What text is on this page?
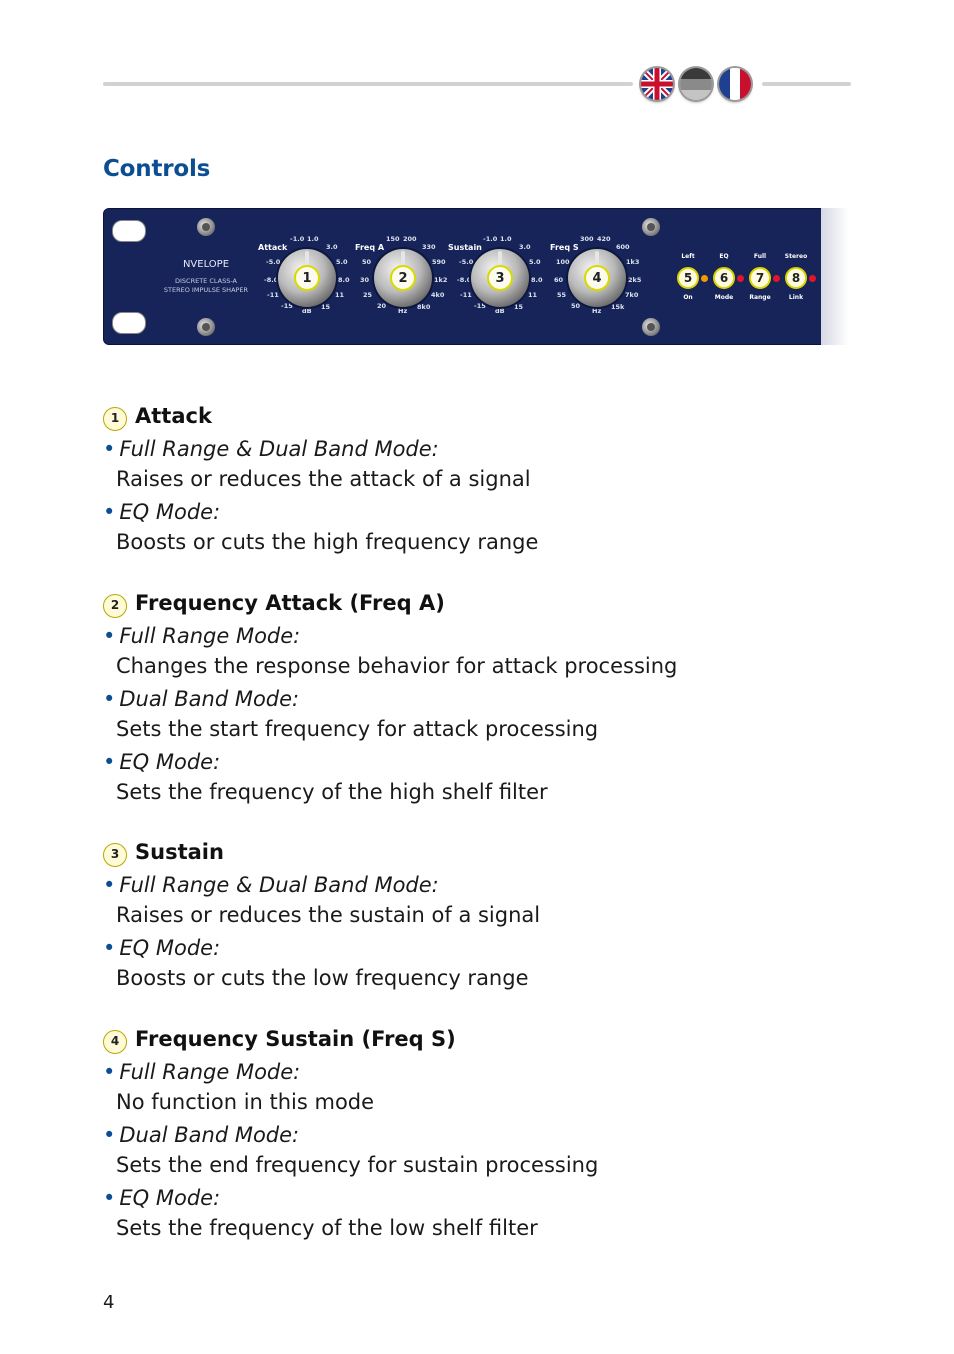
Controls
NVELOPE
DISCRETE CLASS-A
STEREO IMPULSE SHAPER
Attack
-1.0 1.0
3.0
5.0
8.0
11
15
dB
-15
-11
-8.0
-5.0
1
Freq A
150 200
330
590
1k2
4k0
8k0
Hz
20
25
30
50
2
Sustain
-1.0 1.0
3.0
5.0
8.0
11
15
dB
-15
-11
-8.0
-5.0
3
Freq S
300 420
600
1k3
2k5
7k0
15k
Hz
50
55
60
100
4
Left
5
On
EQ
6
Mode
Full
7
Range
Stereo
8
Link
1 Attack
• Full Range & Dual Band Mode:
Raises or reduces the attack of a signal
• EQ Mode:
Boosts or cuts the high frequency range
2 Frequency Attack (Freq A)
• Full Range Mode:
Changes the response behavior for attack processing
• Dual Band Mode:
Sets the start frequency for attack processing
• EQ Mode:
Sets the frequency of the high shelf filter
3 Sustain
• Full Range & Dual Band Mode:
Raises or reduces the sustain of a signal
• EQ Mode:
Boosts or cuts the low frequency range
4 Frequency Sustain (Freq S)
• Full Range Mode:
No function in this mode
• Dual Band Mode:
Sets the end frequency for sustain processing
• EQ Mode:
Sets the frequency of the low shelf filter
4
